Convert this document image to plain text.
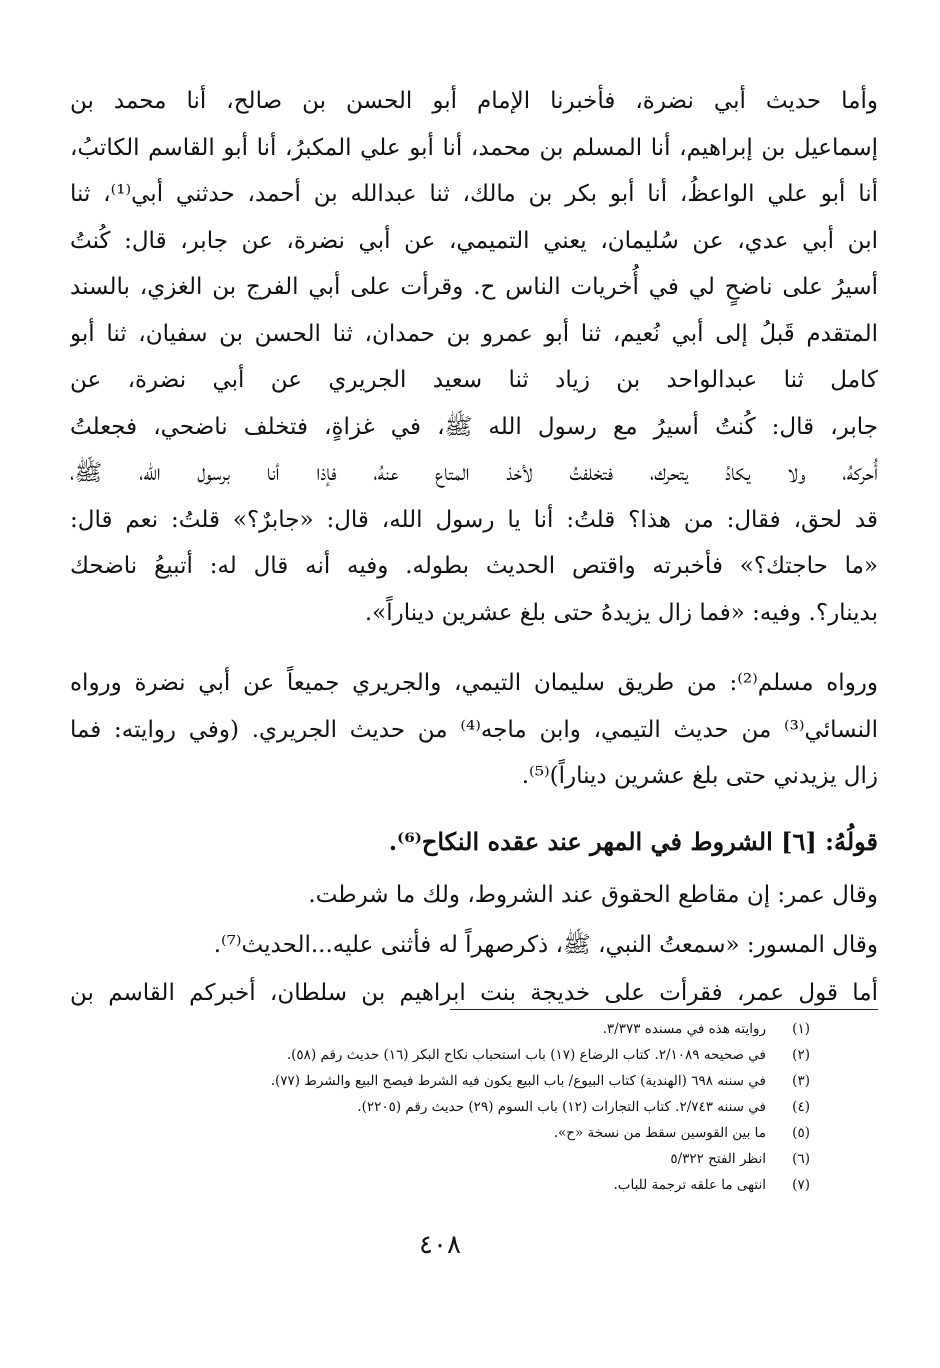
وأما حديث أبي نضرة، فأخبرنا الإمام أبو الحسن بن صالح، أنا محمد بن
إسماعيل بن إبراهيم، أنا المسلم بن محمد، أنا أبو علي المكبرُ، أنا أبو القاسم الكاتبُ،
أنا أبو علي الواعظُ، أنا أبو بكر بن مالك، ثنا عبدالله بن أحمد، حدثني أبي⁽¹⁾، ثنا
ابن أبي عدي، عن سُليمان، يعني التميمي، عن أبي نضرة، عن جابر، قال: كُنتُ
أسيرُ على ناضحٍ لي في أُخريات الناس ح. وقرأت على أبي الفرج بن الغزي، بالسند
المتقدم قَبلُ إلى أبي نُعيم، ثنا أبو عمرو بن حمدان، ثنا الحسن بن سفيان، ثنا أبو
كامل ثنا عبدالواحد بن زياد ثنا سعيد الجريري عن أبي نضرة، عن
جابر، قال: كُنتُ أسيرُ مع رسول الله ﷺ، في غزاةٍ، فتخلف ناضحي، فجعلتُ
أُحركهُ، ولا يكادُ يتحرك، فتخلفتُ لأخذ المتاع عنهُ، فإذا أنا برسول الله، ﷺ،
قد لحق، فقال: من هذا؟ قلتُ: أنا يا رسول الله، قال: «جابرٌ؟» قلتُ: نعم قال:
«ما حاجتك؟» فأخبرته واقتص الحديث بطوله. وفيه أنه قال له: أتبيعُ ناضحك
بدينار؟. وفيه: «فما زال يزيدهُ حتى بلغ عشرين ديناراً».
ورواه مسلم⁽²⁾: من طريق سليمان التيمي، والجريري جميعاً عن أبي نضرة ورواه
النسائي⁽³⁾ من حديث التيمي، وابن ماجه⁽⁴⁾ من حديث الجريري. (وفي روايته: فما
زال يزيدني حتى بلغ عشرين ديناراً)⁽⁵⁾.
قولُهُ: [٦] الشروط في المهر عند عقده النكاح⁽⁶⁾.
وقال عمر: إن مقاطع الحقوق عند الشروط، ولك ما شرطت.
وقال المسور: «سمعتُ النبي، ﷺ، ذكرصهراً له فأثنى عليه...الحديث⁽⁷⁾.
أما قول عمر، فقرأت على خديجة بنت ابراهيم بن سلطان، أخبركم القاسم بن
(١)روايته هذه في مسنده ٣/٣٧٣.
(٢)في صحيحه ٢/١٠٨٩. كتاب الرضاع (١٧) باب استحباب نكاح البكر (١٦) حديث رقم (٥٨).
(٣)في سننه ٦٩٨ (الهندية) كتاب البيوع/ باب البيع يكون فيه الشرط فيصح البيع والشرط (٧٧).
(٤)في سننه ٢/٧٤٣. كتاب التجارات (١٢) باب السوم (٢٩) حديث رقم (٢٢٠٥).
(٥)ما بين القوسين سقط من نسخة «ح».
(٦)انظر الفتح ٥/٣٢٢
(٧)انتهى ما علقه ترجمة للباب.
٤٠٨
